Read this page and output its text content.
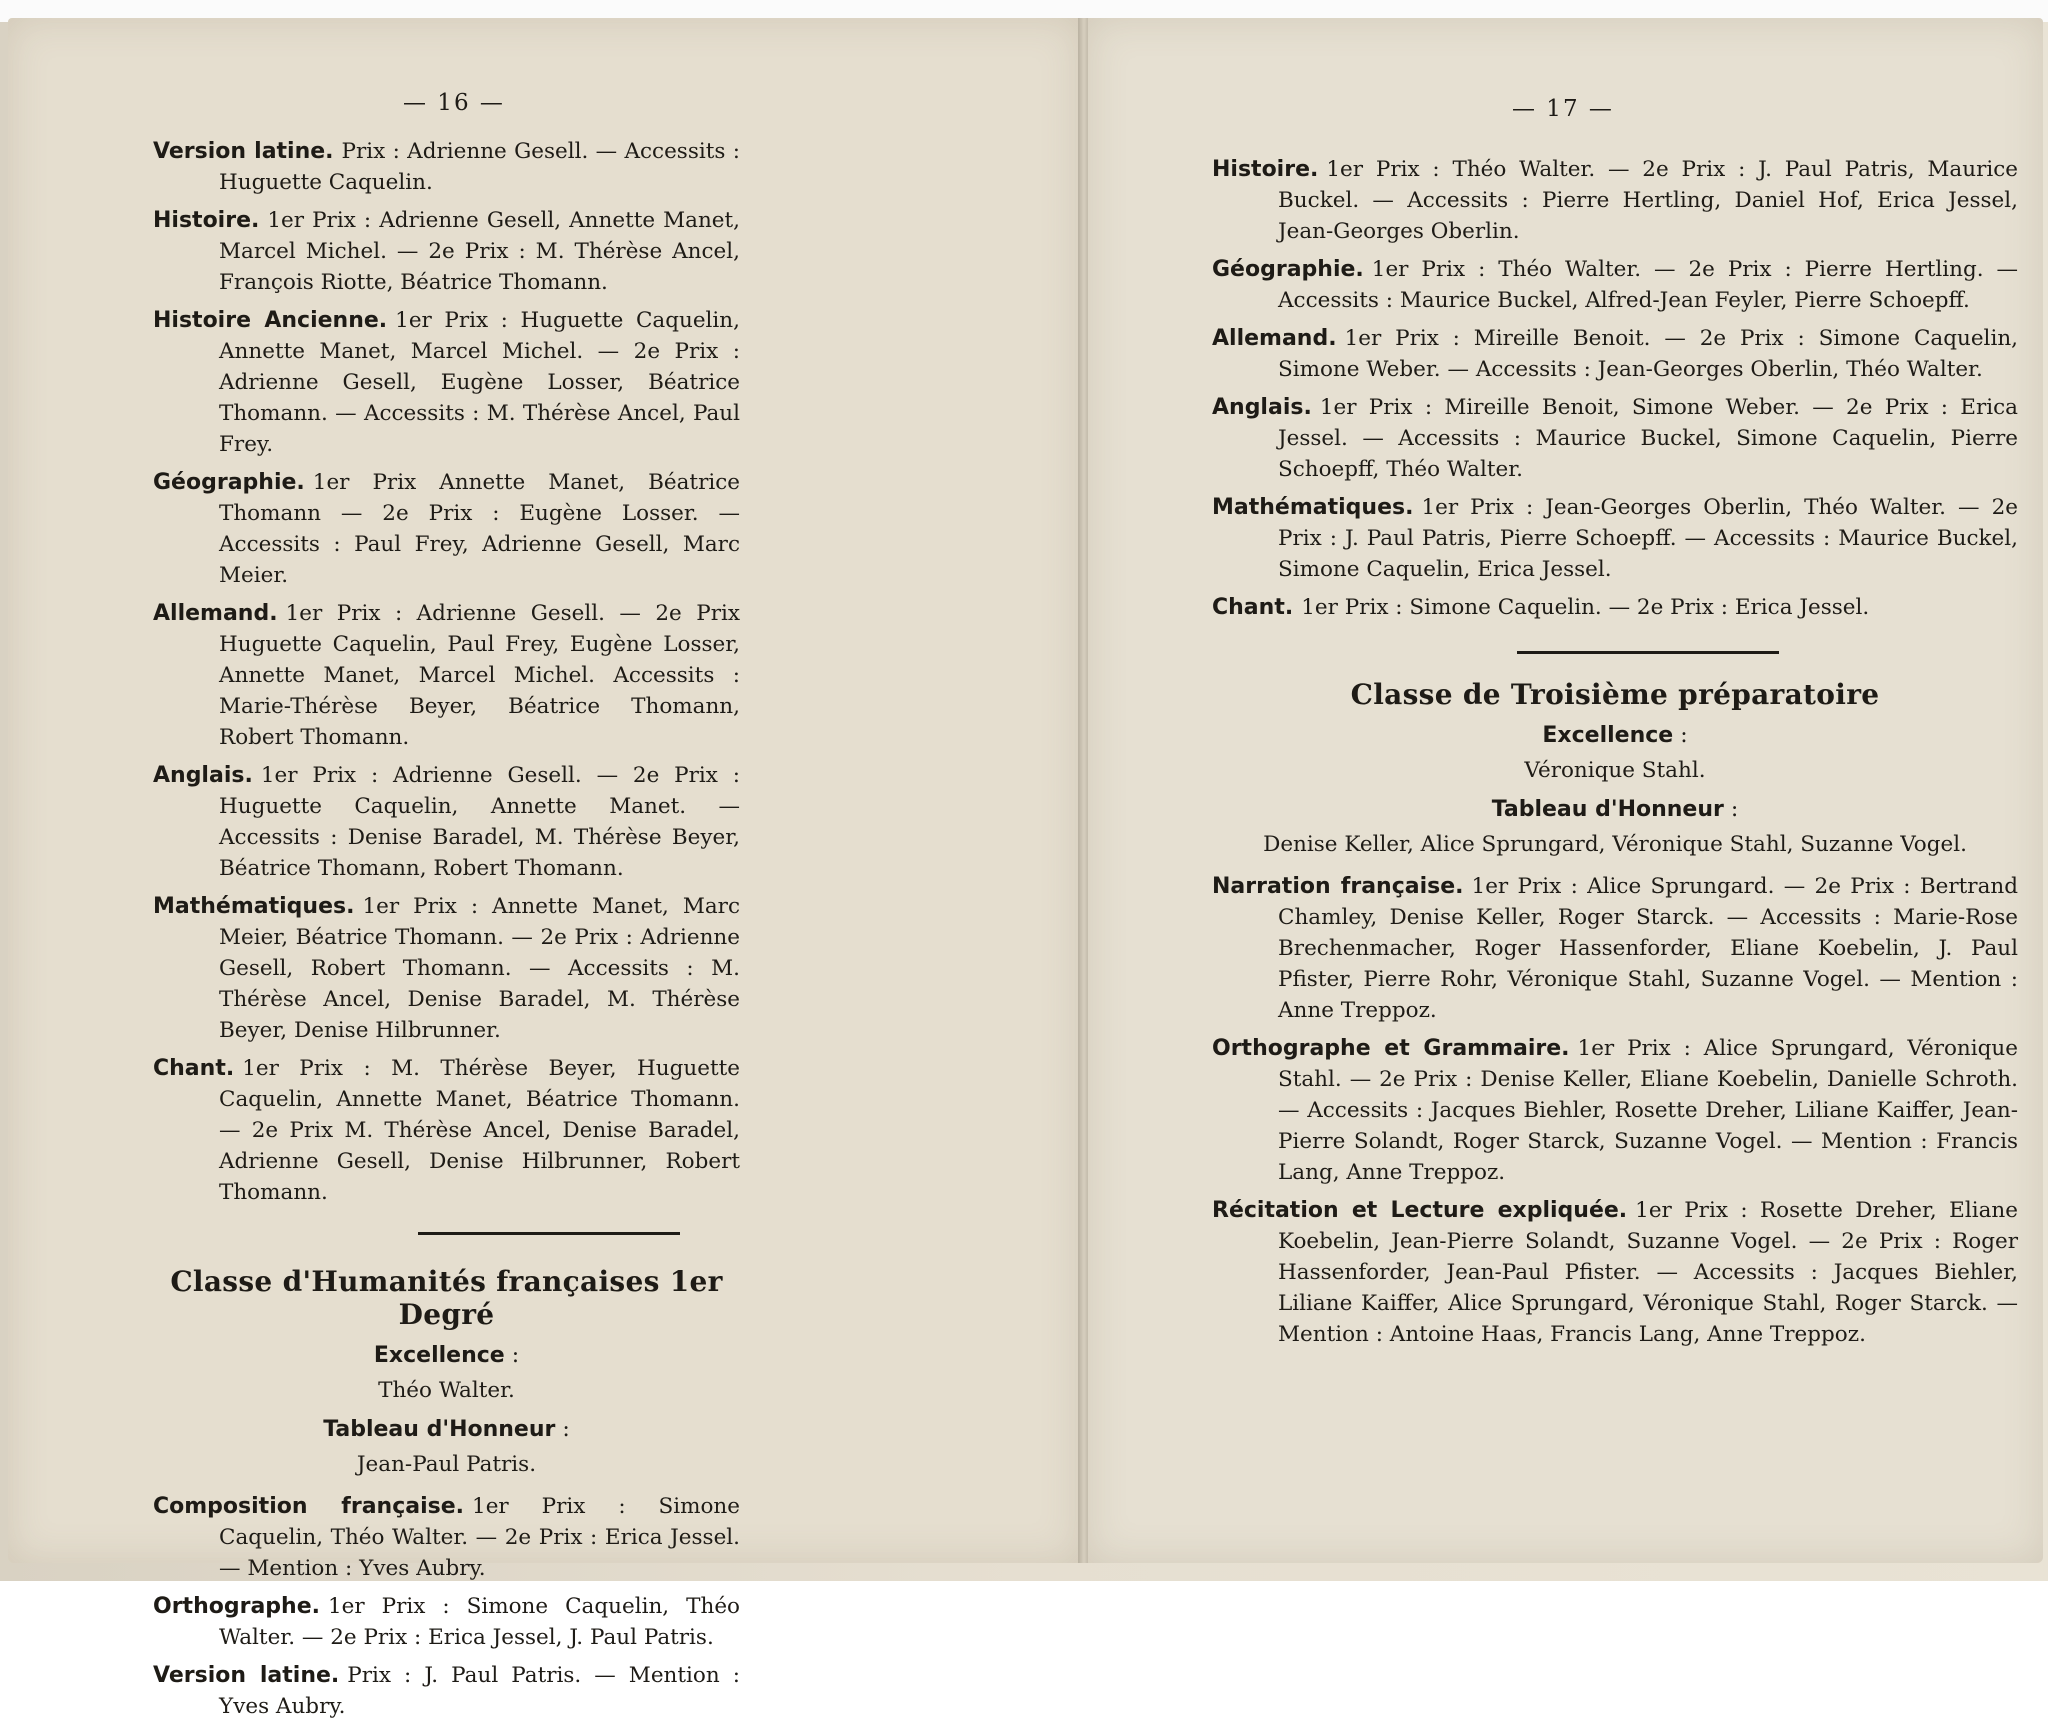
— 16 —

Version latine. Prix : Adrienne Gesell. — Accessits : Huguette Caquelin.

Histoire. 1er Prix : Adrienne Gesell, Annette Manet, Marcel Michel. — 2e Prix : M. Thérèse Ancel, François Riotte, Béatrice Thomann.

Histoire Ancienne. 1er Prix : Huguette Caquelin, Annette Manet, Marcel Michel. — 2e Prix : Adrienne Gesell, Eugène Losser, Béatrice Thomann. — Accessits : M. Thérèse Ancel, Paul Frey.

Géographie. 1er Prix Annette Manet, Béatrice Thomann — 2e Prix : Eugène Losser. — Accessits : Paul Frey, Adrienne Gesell, Marc Meier.

Allemand. 1er Prix : Adrienne Gesell. — 2e Prix Huguette Caquelin, Paul Frey, Eugène Losser, Annette Manet, Marcel Michel. Accessits : Marie-Thérèse Beyer, Béatrice Thomann, Robert Thomann.

Anglais. 1er Prix : Adrienne Gesell. — 2e Prix : Huguette Caquelin, Annette Manet. — Accessits : Denise Baradel, M. Thérèse Beyer, Béatrice Thomann, Robert Thomann.

Mathématiques. 1er Prix : Annette Manet, Marc Meier, Béatrice Thomann. — 2e Prix : Adrienne Gesell, Robert Thomann. — Accessits : M. Thérèse Ancel, Denise Baradel, M. Thérèse Beyer, Denise Hilbrunner.

Chant. 1er Prix : M. Thérèse Beyer, Huguette Caquelin, Annette Manet, Béatrice Thomann. — 2e Prix M. Thérèse Ancel, Denise Baradel, Adrienne Gesell, Denise Hilbrunner, Robert Thomann.

Classe d'Humanités françaises 1er Degré
Excellence :
Théo Walter.
Tableau d'Honneur :
Jean-Paul Patris.

Composition française. 1er Prix : Simone Caquelin, Théo Walter. — 2e Prix : Erica Jessel. — Mention : Yves Aubry.

Orthographe. 1er Prix : Simone Caquelin, Théo Walter. — 2e Prix : Erica Jessel, J. Paul Patris.

Version latine. Prix : J. Paul Patris. — Mention : Yves Aubry.

— 17 —

Histoire. 1er Prix : Théo Walter. — 2e Prix : J. Paul Patris, Maurice Buckel. — Accessits : Pierre Hertling, Daniel Hof, Erica Jessel, Jean-Georges Oberlin.

Géographie. 1er Prix : Théo Walter. — 2e Prix : Pierre Hertling. — Accessits : Maurice Buckel, Alfred-Jean Feyler, Pierre Schoepff.

Allemand. 1er Prix : Mireille Benoit. — 2e Prix : Simone Caquelin, Simone Weber. — Accessits : Jean-Georges Oberlin, Théo Walter.

Anglais. 1er Prix : Mireille Benoit, Simone Weber. — 2e Prix : Erica Jessel. — Accessits : Maurice Buckel, Simone Caquelin, Pierre Schoepff, Théo Walter.

Mathématiques. 1er Prix : Jean-Georges Oberlin, Théo Walter. — 2e Prix : J. Paul Patris, Pierre Schoepff. — Accessits : Maurice Buckel, Simone Caquelin, Erica Jessel.

Chant. 1er Prix : Simone Caquelin. — 2e Prix : Erica Jessel.

Classe de Troisième préparatoire
Excellence :
Véronique Stahl.
Tableau d'Honneur :
Denise Keller, Alice Sprungard, Véronique Stahl, Suzanne Vogel.

Narration française. 1er Prix : Alice Sprungard. — 2e Prix : Bertrand Chamley, Denise Keller, Roger Starck. — Accessits : Marie-Rose Brechenmacher, Roger Hassenforder, Eliane Koebelin, J. Paul Pfister, Pierre Rohr, Véronique Stahl, Suzanne Vogel. — Mention : Anne Treppoz.

Orthographe et Grammaire. 1er Prix : Alice Sprungard, Véronique Stahl. — 2e Prix : Denise Keller, Eliane Koebelin, Danielle Schroth. — Accessits : Jacques Biehler, Rosette Dreher, Liliane Kaiffer, Jean-Pierre Solandt, Roger Starck, Suzanne Vogel. — Mention : Francis Lang, Anne Treppoz.

Récitation et Lecture expliquée. 1er Prix : Rosette Dreher, Eliane Koebelin, Jean-Pierre Solandt, Suzanne Vogel. — 2e Prix : Roger Hassenforder, Jean-Paul Pfister. — Accessits : Jacques Biehler, Liliane Kaiffer, Alice Sprungard, Véronique Stahl, Roger Starck. — Mention : Antoine Haas, Francis Lang, Anne Treppoz.
